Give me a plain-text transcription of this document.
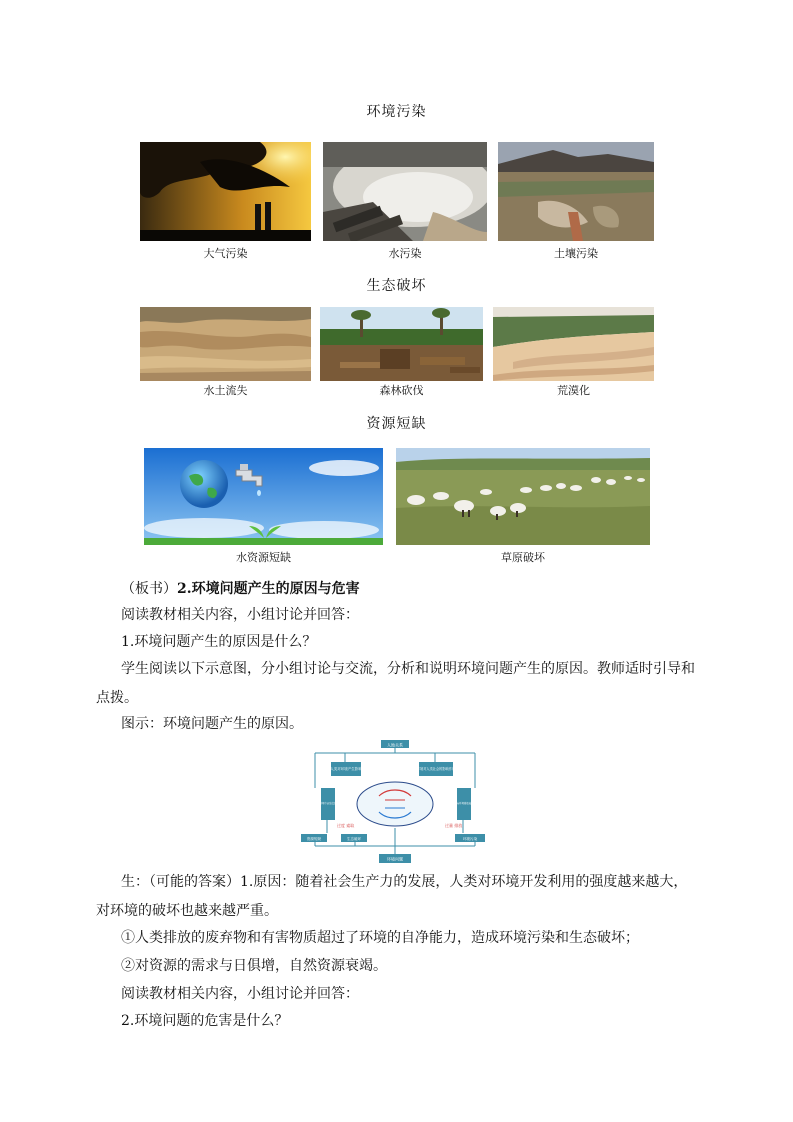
环境污染
大气污染	水污染	土壤污染
生态破坏
水土流失	森林砍伐	荒漠化
资源短缺
水资源短缺	草原破坏
（板书）2.环境问题产生的原因与危害
阅读教材相关内容，小组讨论并回答：
1.环境问题产生的原因是什么？
学生阅读以下示意图，分小组讨论与交流，分析和说明环境问题产生的原因。教师适时引导和点拨。
图示：环境问题产生的原因。
人地关系
人类对环境产生影响	环境对人类社会的影响作用
人类从环境中获取资源和能量	人类向环境排放废弃物
过度 索取	过量 排放
资源短缺	生态破坏	环境污染
环境问题
生：（可能的答案）1.原因：随着社会生产力的发展，人类对环境开发利用的强度越来越大，对环境的破坏也越来越严重。
①人类排放的废弃物和有害物质超过了环境的自净能力，造成环境污染和生态破坏；
②对资源的需求与日俱增，自然资源衰竭。
阅读教材相关内容，小组讨论并回答：
2.环境问题的危害是什么？
